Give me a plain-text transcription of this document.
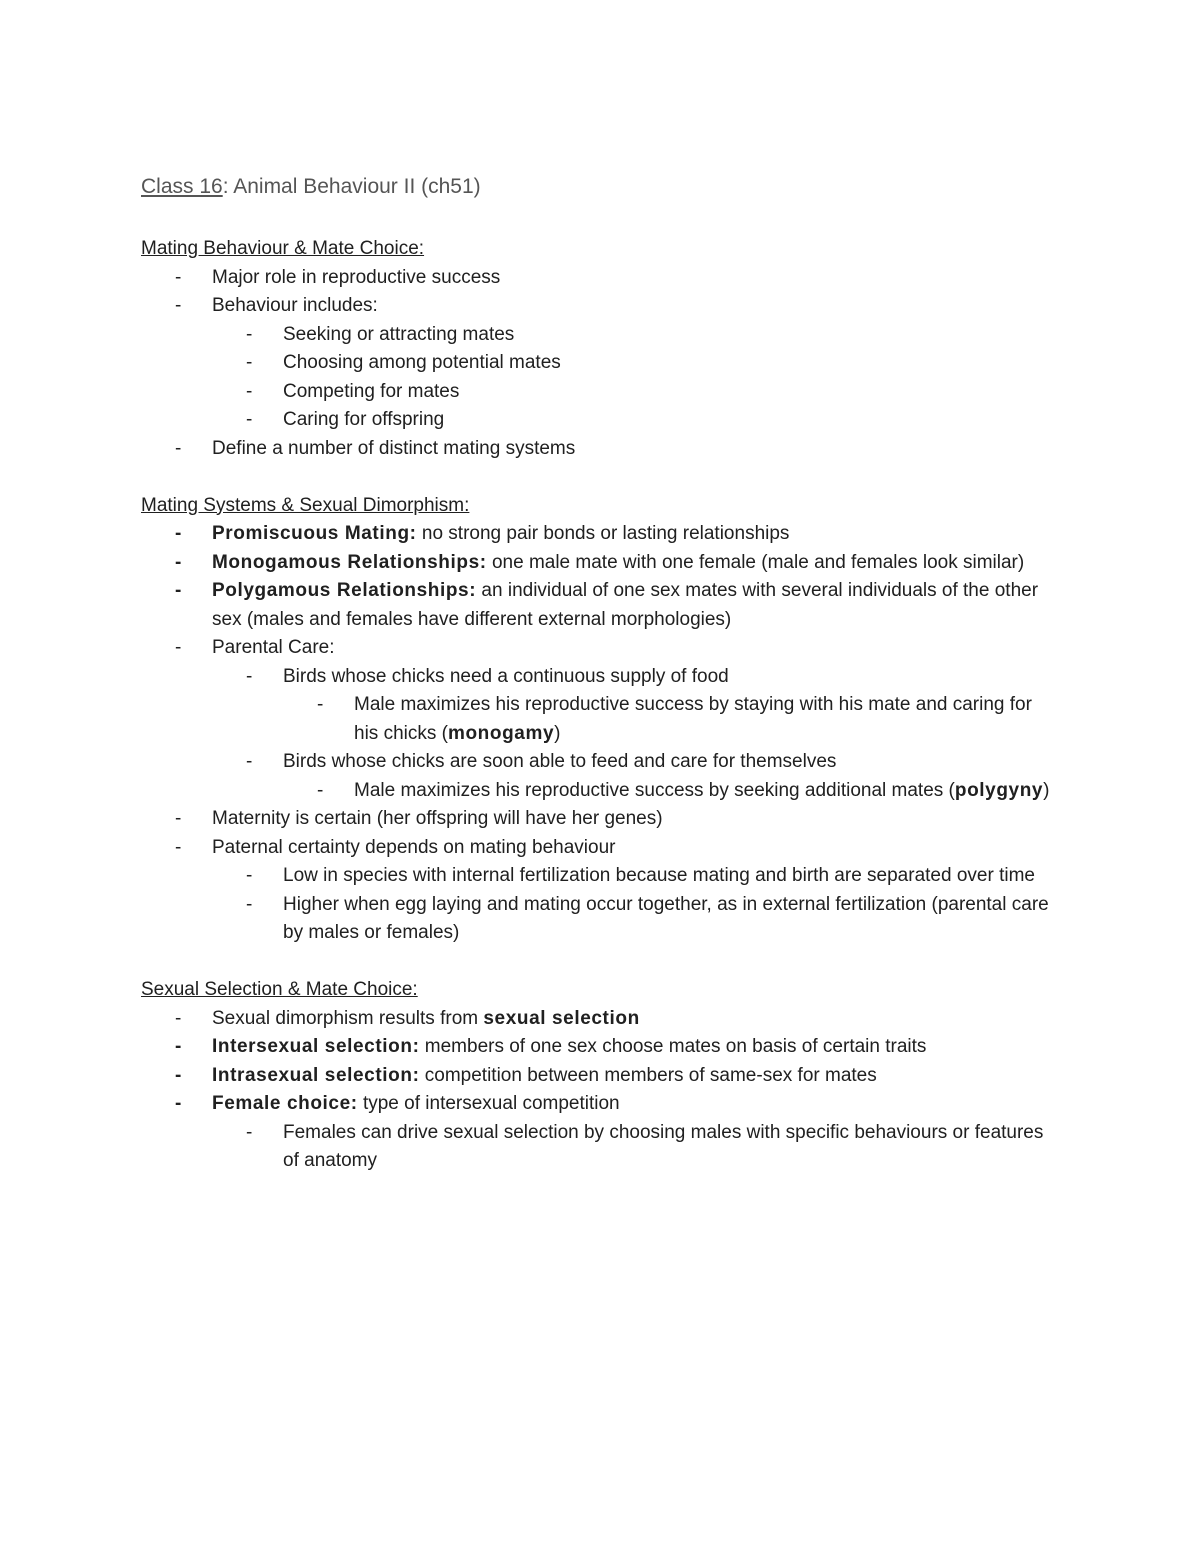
Class 16: Animal Behaviour II (ch51)
Mating Behaviour & Mate Choice:
- Major role in reproductive success
- Behaviour includes:
- Seeking or attracting mates
- Choosing among potential mates
- Competing for mates
- Caring for offspring
- Define a number of distinct mating systems
Mating Systems & Sexual Dimorphism:
- Promiscuous Mating: no strong pair bonds or lasting relationships
- Monogamous Relationships: one male mate with one female (male and females look similar)
- Polygamous Relationships: an individual of one sex mates with several individuals of the other sex (males and females have different external morphologies)
- Parental Care:
- Birds whose chicks need a continuous supply of food
- Male maximizes his reproductive success by staying with his mate and caring for his chicks (monogamy)
- Birds whose chicks are soon able to feed and care for themselves
- Male maximizes his reproductive success by seeking additional mates (polygyny)
- Maternity is certain (her offspring will have her genes)
- Paternal certainty depends on mating behaviour
- Low in species with internal fertilization because mating and birth are separated over time
- Higher when egg laying and mating occur together, as in external fertilization (parental care by males or females)
Sexual Selection & Mate Choice:
- Sexual dimorphism results from sexual selection
- Intersexual selection: members of one sex choose mates on basis of certain traits
- Intrasexual selection: competition between members of same-sex for mates
- Female choice: type of intersexual competition
- Females can drive sexual selection by choosing males with specific behaviours or features of anatomy
